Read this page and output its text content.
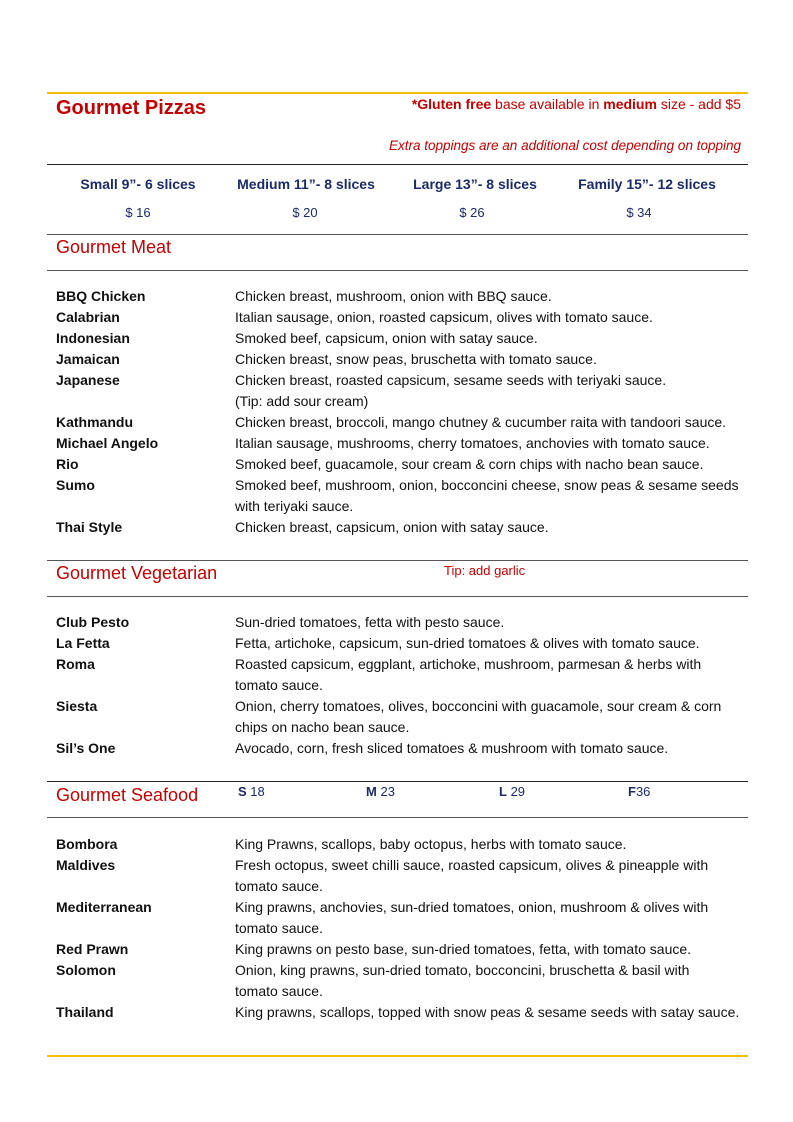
Gourmet Pizzas	*Gluten free base available in medium size - add $5
Extra toppings are an additional cost depending on topping
Small 9”- 6 slices	Medium 11”- 8 slices	Large 13”- 8 slices	Family 15”- 12 slices
$ 16	$ 20	$ 26	$ 34
Gourmet Meat
BBQ Chicken	Chicken breast, mushroom, onion with BBQ sauce.
Calabrian	Italian sausage, onion, roasted capsicum, olives with tomato sauce.
Indonesian	Smoked beef, capsicum, onion with satay sauce.
Jamaican	Chicken breast, snow peas, bruschetta with tomato sauce.
Japanese	Chicken breast, roasted capsicum, sesame seeds with teriyaki sauce.
(Tip: add sour cream)
Kathmandu	Chicken breast, broccoli, mango chutney & cucumber raita with tandoori sauce.
Michael Angelo	Italian sausage, mushrooms, cherry tomatoes, anchovies with tomato sauce.
Rio	Smoked beef, guacamole, sour cream & corn chips with nacho bean sauce.
Sumo	Smoked beef, mushroom, onion, bocconcini cheese, snow peas & sesame seeds
with teriyaki sauce.
Thai Style	Chicken breast, capsicum, onion with satay sauce.
Gourmet Vegetarian	Tip: add garlic
Club Pesto	Sun-dried tomatoes, fetta with pesto sauce.
La Fetta	Fetta, artichoke, capsicum, sun-dried tomatoes & olives with tomato sauce.
Roma	Roasted capsicum, eggplant, artichoke, mushroom, parmesan & herbs with
tomato sauce.
Siesta	Onion, cherry tomatoes, olives, bocconcini with guacamole, sour cream & corn
chips on nacho bean sauce.
Sil’s One	Avocado, corn, fresh sliced tomatoes & mushroom with tomato sauce.
Gourmet Seafood	S 18	M 23	L 29	F36
Bombora	King Prawns, scallops, baby octopus, herbs with tomato sauce.
Maldives	Fresh octopus, sweet chilli sauce, roasted capsicum, olives & pineapple with
tomato sauce.
Mediterranean	King prawns, anchovies, sun-dried tomatoes, onion, mushroom & olives with
tomato sauce.
Red Prawn	King prawns on pesto base, sun-dried tomatoes, fetta, with tomato sauce.
Solomon	Onion, king prawns, sun-dried tomato, bocconcini, bruschetta & basil with
tomato sauce.
Thailand	King prawns, scallops, topped with snow peas & sesame seeds with satay sauce.
